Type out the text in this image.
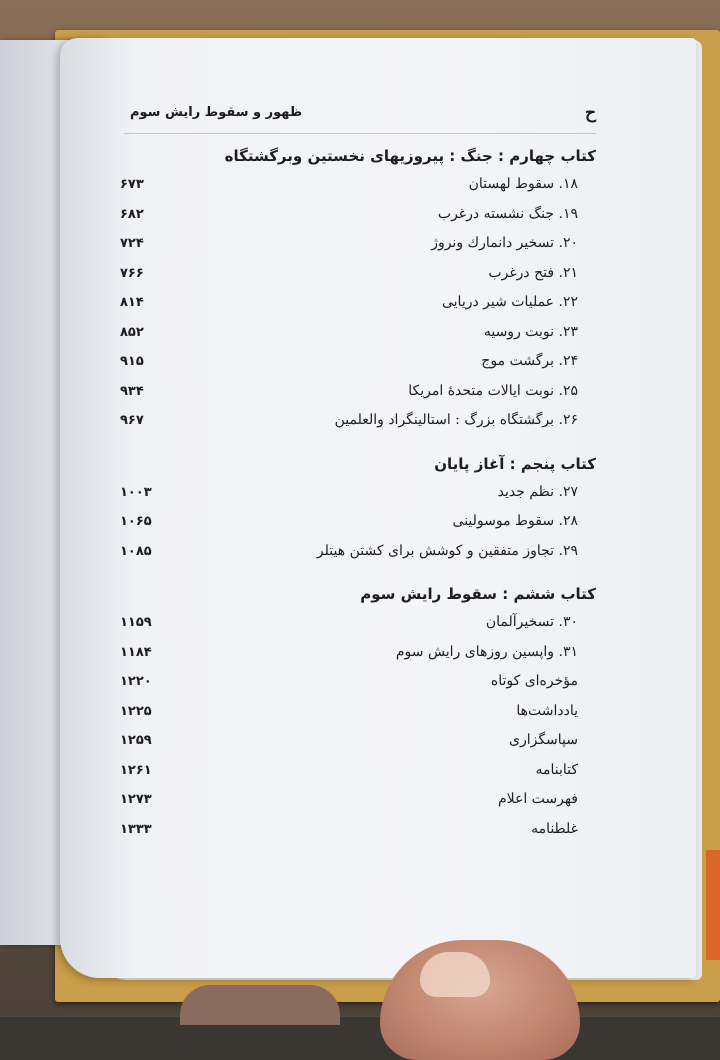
ح
ظهور و سقوط رایش سوم
کتاب چهارم : جنگ : پیروزیهای نخستین وبرگشتگاه
۱۸. سقوط لهستان
۶۷۳
۱۹. جنگ نشسته درغرب
۶۸۲
۲۰. تسخیر دانمارك ونروژ
۷۲۴
۲۱. فتح درغرب
۷۶۶
۲۲. عملیات شیر دریایی
۸۱۴
۲۳. نوبت روسیه
۸۵۲
۲۴. برگشت موج
۹۱۵
۲۵. نوبت ایالات متحدهٔ امریکا
۹۳۴
۲۶. برگشتگاه بزرگ : استالینگراد والعلمین
۹۶۷
کتاب پنجم : آغاز پایان
۲۷. نظم جدید
۱۰۰۳
۲۸. سقوط موسولینی
۱۰۶۵
۲۹. تجاوز متفقین و کوشش برای کشتن هیتلر
۱۰۸۵
کتاب ششم : سقوط رایش سوم
۳۰. تسخیرآلمان
۱۱۵۹
۳۱. واپسین روزهای رایش سوم
۱۱۸۴
مؤخره‌ای کوتاه
۱۲۲۰
یادداشت‌ها
۱۲۲۵
سپاسگزاری
۱۲۵۹
کتابنامه
۱۲۶۱
فهرست اعلام
۱۲۷۳
غلطنامه
۱۳۳۳
